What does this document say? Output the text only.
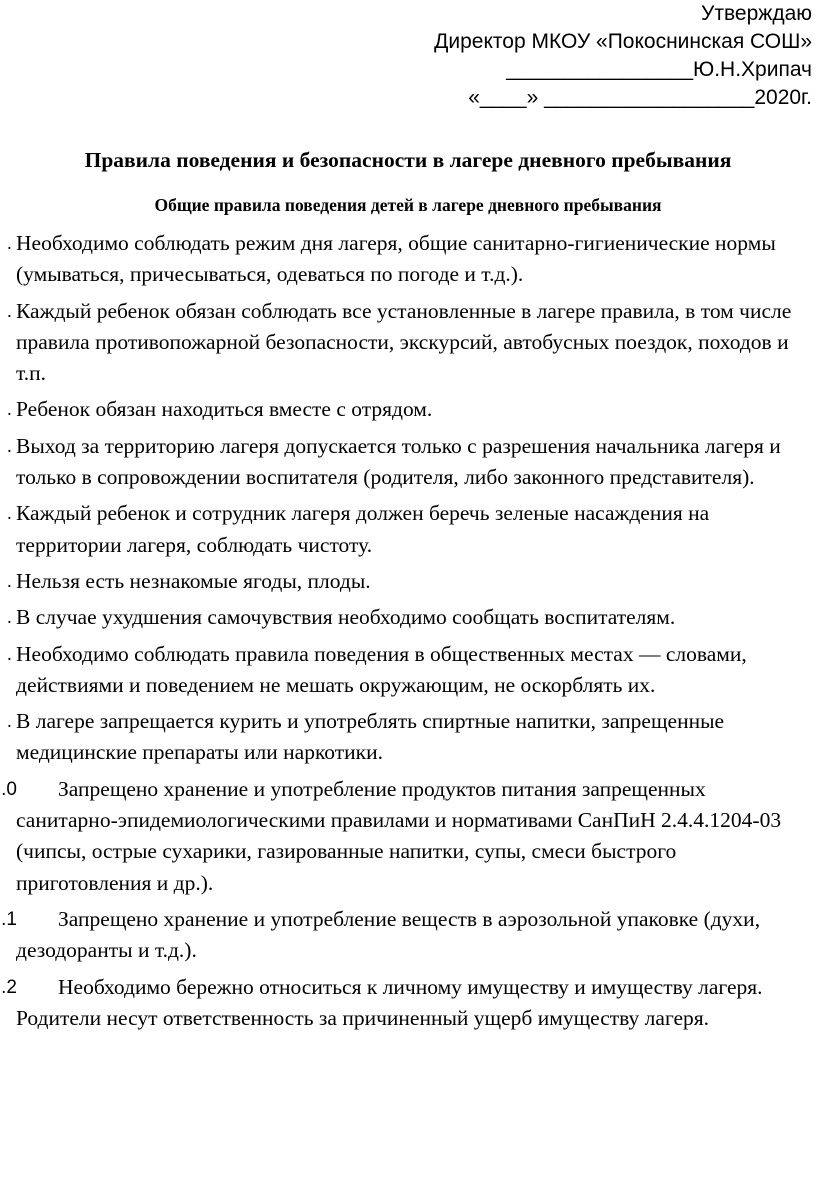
Утверждаю
Директор МКОУ «Покоснинская СОШ»
________________Ю.Н.Хрипач
«____» __________________2020г.
Правила поведения и безопасности в лагере дневного пребывания
Общие правила поведения детей в лагере дневного пребывания
. Необходимо соблюдать режим дня лагеря, общие санитарно-гигиенические нормы (умываться, причесываться, одеваться по погоде и т.д.).
. Каждый ребенок обязан соблюдать все установленные в лагере правила, в том числе правила противопожарной безопасности, экскурсий, автобусных поездок, походов и т.п.
. Ребенок обязан находиться вместе с отрядом.
. Выход за территорию лагеря допускается только с разрешения начальника лагеря и только в сопровождении воспитателя (родителя, либо законного представителя).
. Каждый ребенок и сотрудник лагеря должен беречь зеленые насаждения на территории лагеря, соблюдать чистоту.
. Нельзя есть незнакомые ягоды, плоды.
. В случае ухудшения самочувствия необходимо сообщать воспитателям.
. Необходимо соблюдать правила поведения в общественных местах — словами, действиями и поведением не мешать окружающим, не оскорблять их.
. В лагере запрещается курить и употреблять спиртные напитки, запрещенные медицинские препараты или наркотики.
0. Запрещено хранение и употребление продуктов питания запрещенных санитарно-эпидемиологическими правилами и нормативами СанПиН 2.4.4.1204-03 (чипсы, острые сухарики, газированные напитки, супы, смеси быстрого приготовления и др.).
1. Запрещено хранение и употребление веществ в аэрозольной упаковке (духи, дезодоранты и т.д.).
2. Необходимо бережно относиться к личному имуществу и имуществу лагеря. Родители несут ответственность за причиненный ущерб имуществу лагеря.
